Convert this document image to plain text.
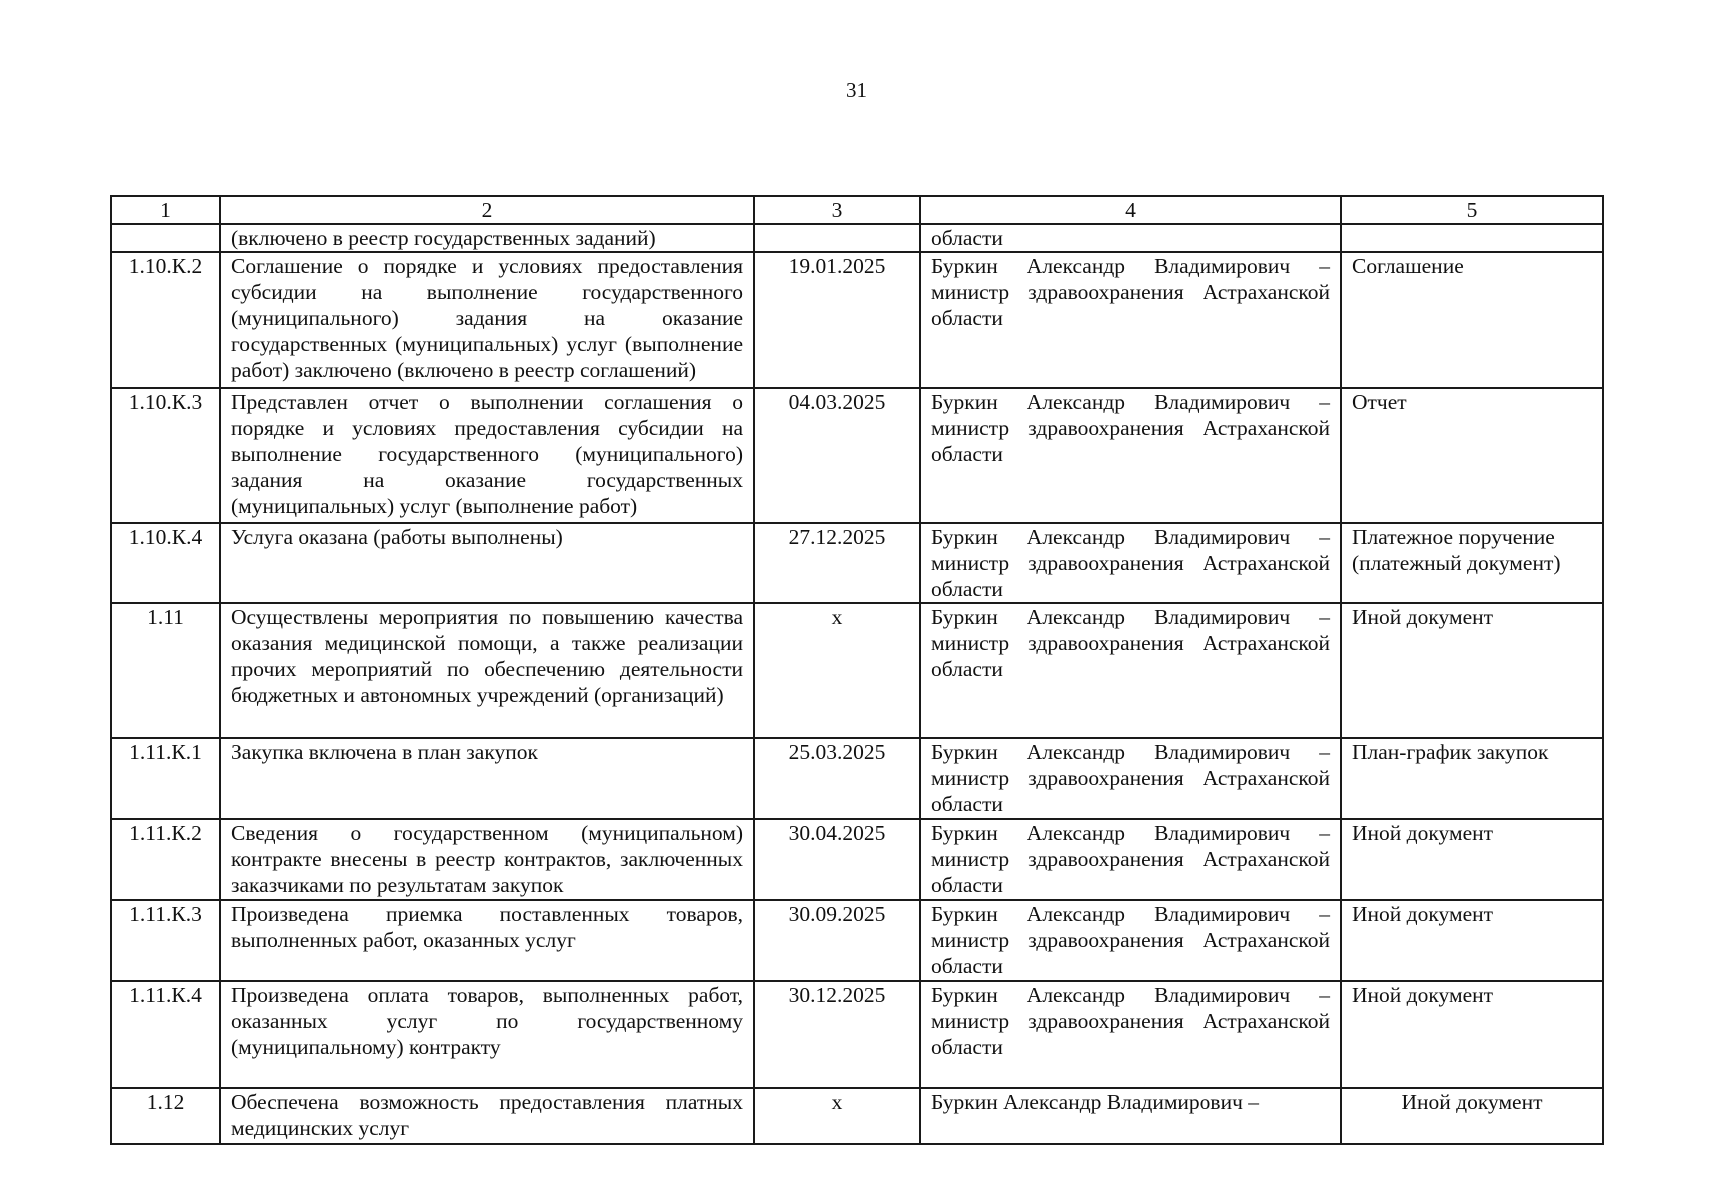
31
1	2	3	4	5
	(включено в реестр государственных заданий)		области	
1.10.К.2	Соглашение о порядке и условиях предоставления субсидии на выполнение государственного (муниципального) задания на оказание государственных (муниципальных) услуг (выполнение работ) заключено (включено в реестр соглашений)	19.01.2025	Буркин Александр Владимирович – министр здравоохранения Астраханской области	Соглашение
1.10.К.3	Представлен отчет о выполнении соглашения о порядке и условиях предоставления субсидии на выполнение государственного (муниципального) задания на оказание государственных (муниципальных) услуг (выполнение работ)	04.03.2025	Буркин Александр Владимирович – министр здравоохранения Астраханской области	Отчет
1.10.К.4	Услуга оказана (работы выполнены)	27.12.2025	Буркин Александр Владимирович – министр здравоохранения Астраханской области	Платежное поручение (платежный документ)
1.11	Осуществлены мероприятия по повышению качества оказания медицинской помощи, а также реализации прочих мероприятий по обеспечению деятельности бюджетных и автономных учреждений (организаций)	х	Буркин Александр Владимирович – министр здравоохранения Астраханской области	Иной документ
1.11.К.1	Закупка включена в план закупок	25.03.2025	Буркин Александр Владимирович – министр здравоохранения Астраханской области	План-график закупок
1.11.К.2	Сведения о государственном (муниципальном) контракте внесены в реестр контрактов, заключенных заказчиками по результатам закупок	30.04.2025	Буркин Александр Владимирович – министр здравоохранения Астраханской области	Иной документ
1.11.К.3	Произведена приемка поставленных товаров, выполненных работ, оказанных услуг	30.09.2025	Буркин Александр Владимирович – министр здравоохранения Астраханской области	Иной документ
1.11.К.4	Произведена оплата товаров, выполненных работ, оказанных услуг по государственному (муниципальному) контракту	30.12.2025	Буркин Александр Владимирович – министр здравоохранения Астраханской области	Иной документ
1.12	Обеспечена возможность предоставления платных медицинских услуг	х	Буркин Александр Владимирович –	Иной документ
